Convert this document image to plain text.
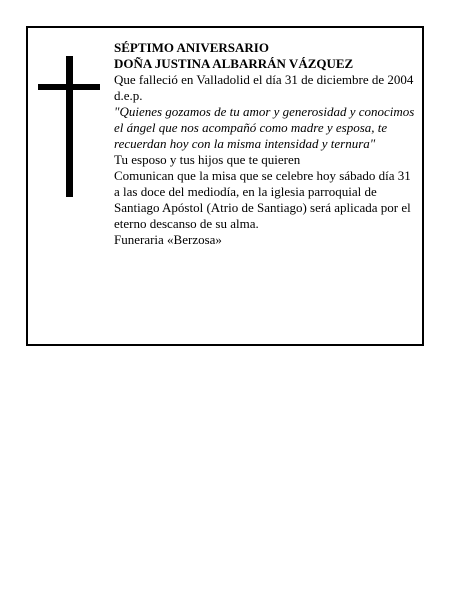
SÉPTIMO ANIVERSARIO

DOÑA JUSTINA ALBARRÁN VÁZQUEZ

Que falleció en Valladolid el día 31 de diciembre de 2004

d.e.p.

"Quienes gozamos de tu amor y generosidad y conocimos el ángel que nos acompañó como madre y esposa, te recuerdan hoy con la misma intensidad y ternura"

Tu esposo y tus hijos que te quieren

Comunican que la misa que se celebre hoy sábado día 31 a las doce del mediodía, en la iglesia parroquial de Santiago Apóstol (Atrio de Santiago) será aplicada por el eterno descanso de su alma.

Funeraria «Berzosa»
